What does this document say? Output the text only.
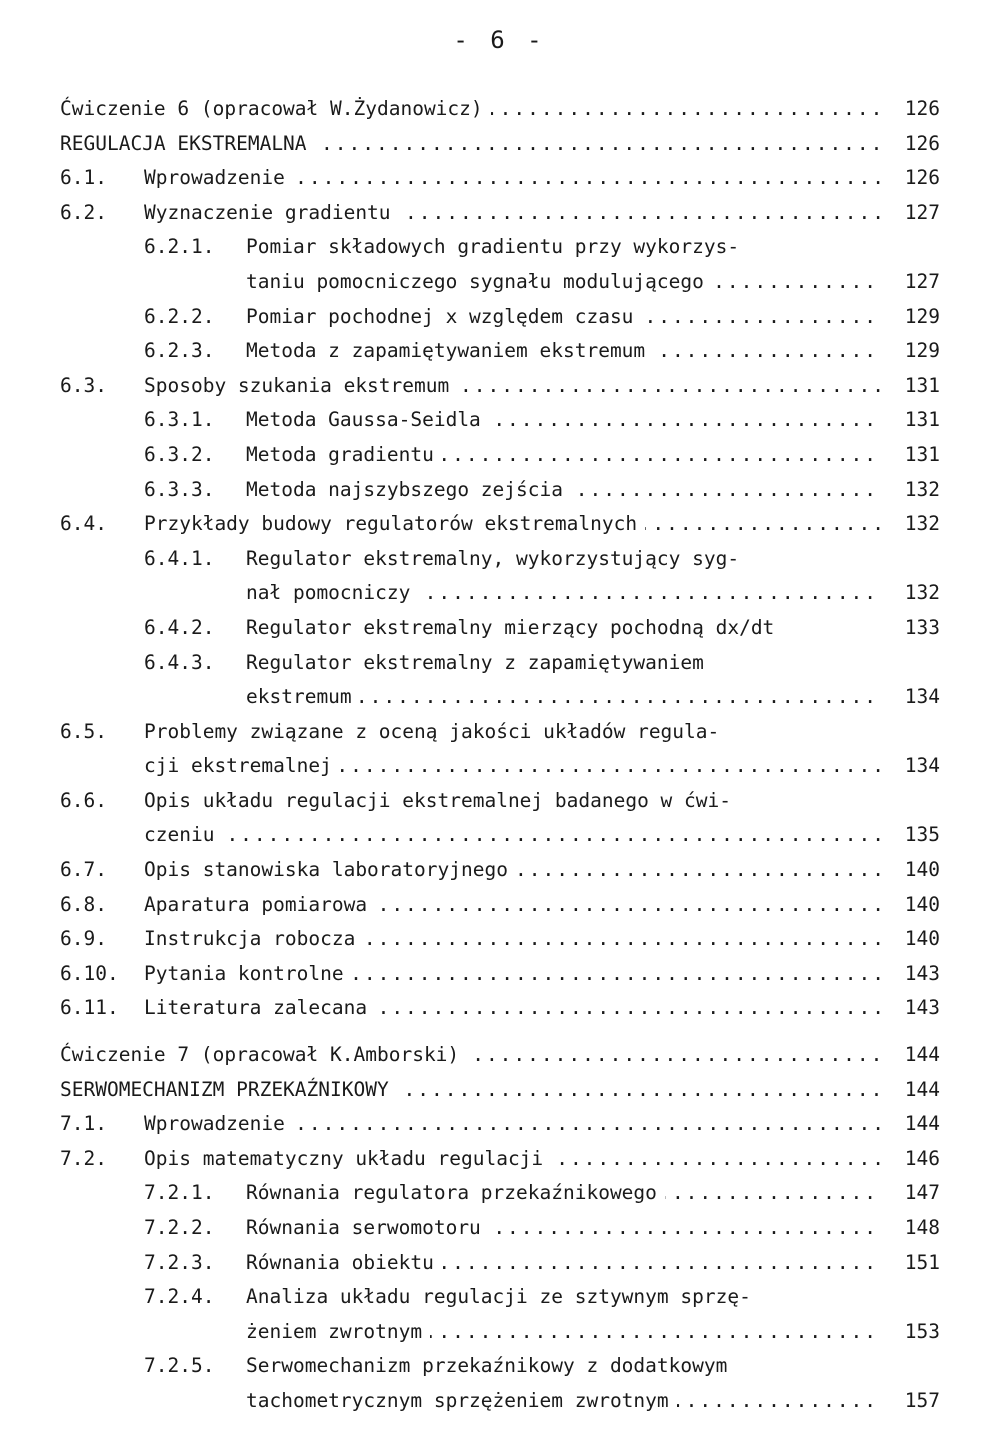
- 6 -
Ćwiczenie 6 (opracował W.Żydanowicz) .....	126
REGULACJA EKSTREMALNA .....	126
6.1. Wprowadzenie .....	126
6.2. Wyznaczenie gradientu .....	127
6.2.1. Pomiar składowych gradientu przy wykorzys-
taniu pomocniczego sygnału modulującego .....	127
6.2.2. Pomiar pochodnej x względem czasu .....	129
6.2.3. Metoda z zapamiętywaniem ekstremum .....	129
6.3. Sposoby szukania ekstremum .....	131
6.3.1. Metoda Gaussa-Seidla .....	131
6.3.2. Metoda gradientu .....	131
6.3.3. Metoda najszybszego zejścia .....	132
6.4. Przykłady budowy regulatorów ekstremalnych .....	132
6.4.1. Regulator ekstremalny, wykorzystujący syg-
nał pomocniczy .....	132
6.4.2. Regulator ekstremalny mierzący pochodną dx/dt	133
6.4.3. Regulator ekstremalny z zapamiętywaniem
ekstremum .....	134
6.5. Problemy związane z oceną jakości układów regula-
cji ekstremalnej .....	134
6.6. Opis układu regulacji ekstremalnej badanego w ćwi-
czeniu .....	135
6.7. Opis stanowiska laboratoryjnego .....	140
6.8. Aparatura pomiarowa .....	140
6.9. Instrukcja robocza .....	140
6.10. Pytania kontrolne .....	143
6.11. Literatura zalecana .....	143
Ćwiczenie 7 (opracował K.Amborski) .....	144
SERWOMECHANIZM PRZEKAŹNIKOWY .....	144
7.1. Wprowadzenie .....	144
7.2. Opis matematyczny układu regulacji .....	146
7.2.1. Równania regulatora przekaźnikowego .....	147
7.2.2. Równania serwomotoru .....	148
7.2.3. Równania obiektu .....	151
7.2.4. Analiza układu regulacji ze sztywnym sprzę-
żeniem zwrotnym .....	153
7.2.5. Serwomechanizm przekaźnikowy z dodatkowym
tachometrycznym sprzężeniem zwrotnym .....	157
